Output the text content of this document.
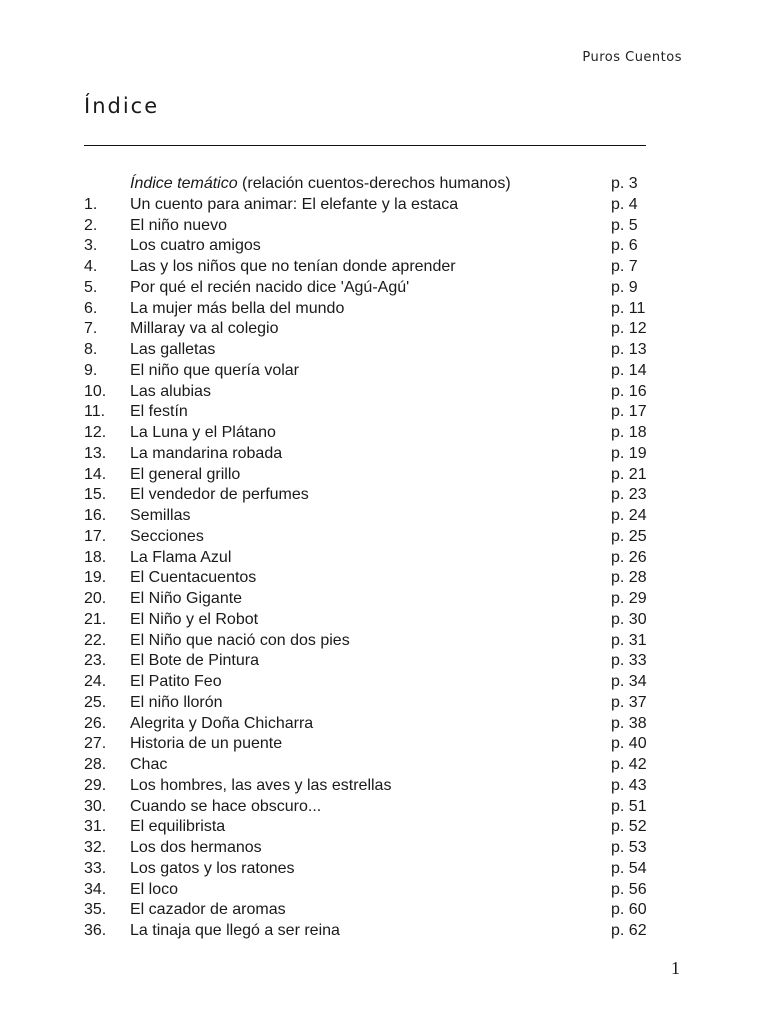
Puros Cuentos
Índice
Índice temático (relación cuentos-derechos humanos)	p. 3
1. Un cuento para animar: El elefante y la estaca	p. 4
2. El niño nuevo	p. 5
3. Los cuatro amigos	p. 6
4. Las y los niños que no tenían donde aprender	p. 7
5. Por qué el recién nacido dice 'Agú-Agú'	p. 9
6. La mujer más bella del mundo	p. 11
7. Millaray va al colegio	p. 12
8. Las galletas	p. 13
9. El niño que quería volar	p. 14
10. Las alubias	p. 16
11. El festín	p. 17
12. La Luna y el Plátano	p. 18
13. La mandarina robada	p. 19
14. El general grillo	p. 21
15. El vendedor de perfumes	p. 23
16. Semillas	p. 24
17. Secciones	p. 25
18. La Flama Azul	p. 26
19. El Cuentacuentos	p. 28
20. El Niño Gigante	p. 29
21. El Niño y el Robot	p. 30
22. El Niño que nació con dos pies	p. 31
23. El Bote de Pintura	p. 33
24. El Patito Feo	p. 34
25. El niño llorón	p. 37
26. Alegrita y Doña Chicharra	p. 38
27. Historia de un puente	p. 40
28. Chac	p. 42
29. Los hombres, las aves y las estrellas	p. 43
30. Cuando se hace obscuro...	p. 51
31. El equilibrista	p. 52
32. Los dos hermanos	p. 53
33. Los gatos y los ratones	p. 54
34. El loco	p. 56
35. El cazador de aromas	p. 60
36. La tinaja que llegó a ser reina	p. 62
1
